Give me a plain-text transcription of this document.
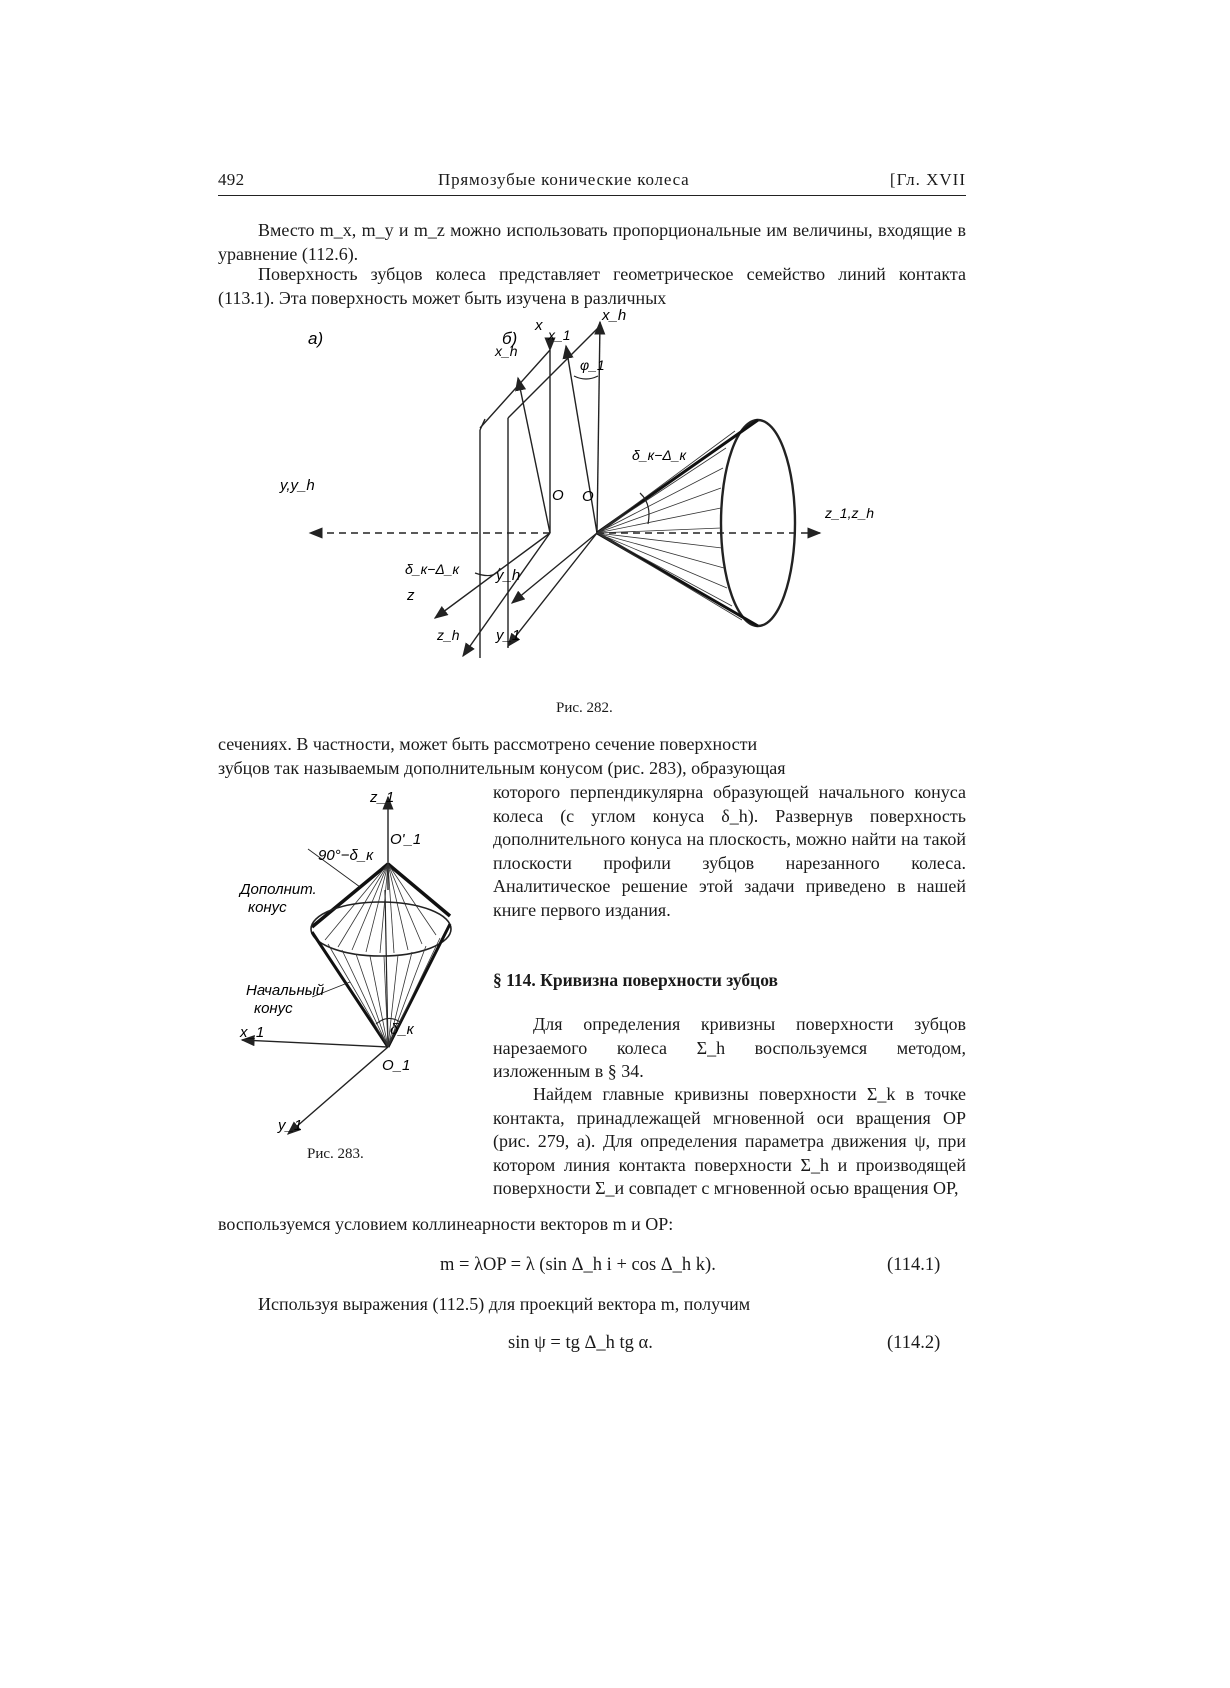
492	Прямозубые конические колеса	[Гл. XVII

Вместо m_x, m_y и m_z можно использовать пропорциональные им величины, входящие в уравнение (112.6).

Поверхность зубцов колеса представляет геометрическое семейство линий контакта (113.1). Эта поверхность может быть изучена в различных

а)
x
x_h
y,y_h
O
z
z_h
δ_к−Δ_к
б)
x_h
x_1
φ_1
δ_к−Δ_к
O
z_1,z_h
y_h
y_1
Рис. 282.

сечениях. В частности, может быть рассмотрено сечение поверхности

зубцов так называемым дополнительным конусом (рис. 283), образующая

которого перпендикулярна образующей начального конуса колеса (с углом конуса δ_h). Развернув поверхность дополнительного конуса на плоскость, можно найти на такой плоскости профили зубцов нарезанного колеса. Аналитическое решение этой задачи приведено в нашей книге первого издания.

z_1
O'_1
90°−δ_к
Дополнит.
конус
Начальный
конус
δ_к
x_1
O_1
y_1
Рис. 283.
§ 114. Кривизна поверхности зубцов

Для определения кривизны поверхности зубцов нарезаемого колеса Σ_h воспользуемся методом, изложенным в § 34.

Найдем главные кривизны поверхности Σ_k в точке контакта, принадлежащей мгновенной оси вращения OP (рис. 279, а). Для определения параметра движения ψ, при котором линия контакта поверхности Σ_h и производящей поверхности Σ_и совпадет с мгновенной осью вращения OP,

воспользуемся условием коллинеарности векторов m и OP:

m = λOP = λ (sin Δ_h i + cos Δ_h k).	(114.1)

Используя выражения (112.5) для проекций вектора m, получим

sin ψ = tg Δ_h tg α.	(114.2)
